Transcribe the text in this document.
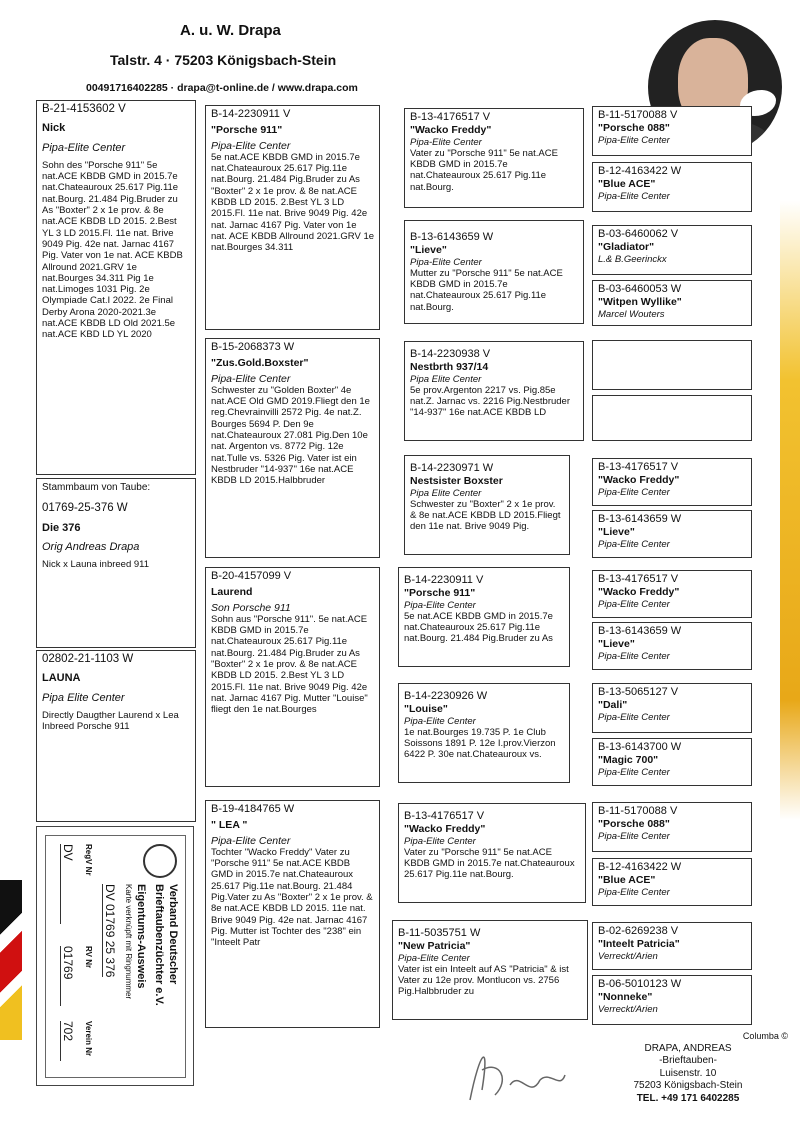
A. u. W. Drapa
Talstr. 4 · 75203 Königsbach-Stein
00491716402285 · drapa@t-online.de / www.drapa.com
B-21-4153602 V
Nick
Pipa-Elite Center
Sohn des "Porsche 911" 5e nat.ACE KBDB GMD in 2015.7e nat.Chateauroux 25.617 Pig.11e nat.Bourg. 21.484 Pig.Bruder zu As "Boxter" 2 x 1e prov. & 8e nat.ACE KBDB LD 2015. 2.Best YL 3 LD 2015.Fl. 11e nat. Brive 9049 Pig. 42e nat. Jarnac 4167 Pig. Vater von 1e nat. ACE KBDB Allround 2021.GRV 1e nat.Bourges 34.311 Pig 1e nat.Limoges 1031 Pig. 2e Olympiade Cat.I 2022. 2e Final Derby Arona 2020-2021.3e nat.ACE KBDB LD Old 2021.5e nat.ACE KBD LD YL 2020
Stammbaum von Taube:
01769-25-376 W
Die 376
Orig Andreas Drapa
Nick x Launa inbreed 911
02802-21-1103 W
LAUNA
Pipa Elite Center
Directly Daugther Laurend x Lea Inbreed Porsche 911
B-14-2230911 V
"Porsche 911"
Pipa-Elite Center
5e nat.ACE KBDB GMD in 2015.7e nat.Chateauroux 25.617 Pig.11e nat.Bourg. 21.484 Pig.Bruder zu As "Boxter" 2 x 1e prov. & 8e nat.ACE KBDB LD 2015. 2.Best YL 3 LD 2015.Fl. 11e nat. Brive 9049 Pig. 42e nat. Jarnac 4167 Pig. Vater von 1e nat. ACE KBDB Allround 2021.GRV 1e nat.Bourges 34.311
B-15-2068373 W
"Zus.Gold.Boxster"
Pipa-Elite Center
Schwester zu "Golden Boxter" 4e nat.ACE Old GMD 2019.Fliegt den 1e reg.Chevrainvilli 2572 Pig. 4e nat.Z. Bourges 5694 P. Den 9e nat.Chateauroux 27.081 Pig.Den 10e nat. Argenton vs. 8772 Pig. 12e nat.Tulle vs. 5326 Pig. Vater ist ein Nestbruder "14-937" 16e nat.ACE KBDB LD 2015.Halbbruder
B-20-4157099 V
Laurend
Son Porsche 911
Sohn aus "Porsche 911". 5e nat.ACE KBDB GMD in 2015.7e nat.Chateauroux 25.617 Pig.11e nat.Bourg. 21.484 Pig.Bruder zu As "Boxter" 2 x 1e prov. & 8e nat.ACE KBDB LD 2015. 2.Best YL 3 LD 2015.Fl. 11e nat. Brive 9049 Pig. 42e nat. Jarnac 4167 Pig. Mutter "Louise" fliegt den 1e nat.Bourges
B-19-4184765 W
" LEA "
Pipa-Elite Center
Tochter "Wacko Freddy" Vater zu "Porsche 911" 5e nat.ACE KBDB GMD in 2015.7e nat.Chateauroux 25.617 Pig.11e nat.Bourg. 21.484 Pig.Vater zu As "Boxter" 2 x 1e prov. & 8e nat.ACE KBDB LD 2015. 11e nat. Brive 9049 Pig. 42e nat. Jarnac 4167 Pig. Mutter ist Tochter des "238" ein "Inteelt Patr
B-13-4176517 V
"Wacko Freddy"
Pipa-Elite Center
Vater zu "Porsche 911" 5e nat.ACE KBDB GMD in 2015.7e nat.Chateauroux 25.617 Pig.11e nat.Bourg.
B-13-6143659 W
"Lieve"
Pipa-Elite Center
Mutter zu "Porsche 911" 5e nat.ACE KBDB GMD in 2015.7e nat.Chateauroux 25.617 Pig.11e nat.Bourg.
B-14-2230938 V
Nestbrth 937/14
Pipa Elite Center
5e prov.Argenton 2217 vs. Pig.85e nat.Z. Jarnac vs. 2216 Pig.Nestbruder "14-937" 16e nat.ACE KBDB LD
B-14-2230971 W
Nestsister Boxster
Pipa Elite Center
Schwester zu "Boxter" 2 x 1e prov. & 8e nat.ACE KBDB LD 2015.Fliegt den 11e nat. Brive 9049 Pig.
B-14-2230911 V
"Porsche 911"
Pipa-Elite Center
5e nat.ACE KBDB GMD in 2015.7e nat.Chateauroux 25.617 Pig.11e nat.Bourg. 21.484 Pig.Bruder zu As
B-14-2230926 W
"Louise"
Pipa-Elite Center
1e nat.Bourges 19.735 P. 1e Club Soissons 1891 P. 12e I.prov.Vierzon 6422 P. 30e nat.Chateauroux vs.
B-13-4176517 V
"Wacko Freddy"
Pipa-Elite Center
Vater zu "Porsche 911" 5e nat.ACE KBDB GMD in 2015.7e nat.Chateauroux 25.617 Pig.11e nat.Bourg.
B-11-5035751 W
"New Patricia"
Pipa-Elite Center
Vater ist ein Inteelt auf AS "Patricia" & ist Vater zu 12e prov. Montlucon vs. 2756 Pig.Halbbruder zu
B-11-5170088 V
"Porsche 088"
Pipa-Elite Center
B-12-4163422 W
"Blue ACE"
Pipa-Elite Center
B-03-6460062 V
"Gladiator"
L.& B.Geerinckx
B-03-6460053 W
"Witpen Wyllike"
Marcel Wouters
B-13-4176517 V
"Wacko Freddy"
Pipa-Elite Center
B-13-6143659 W
"Lieve"
Pipa-Elite Center
B-13-4176517 V
"Wacko Freddy"
Pipa-Elite Center
B-13-6143659 W
"Lieve"
Pipa-Elite Center
B-13-5065127 V
"Dali"
Pipa-Elite Center
B-13-6143700 W
"Magic 700"
Pipa-Elite Center
B-11-5170088 V
"Porsche 088"
Pipa-Elite Center
B-12-4163422 W
"Blue ACE"
Pipa-Elite Center
B-02-6269238 V
"Inteelt Patricia"
Verreckt/Arien
B-06-5010123 W
"Nonneke"
Verreckt/Arien
Verband Deutscher
Brieftaubenzüchter e.V.
Eigentums-Ausweis
Karte verknüpft mit Ringnummer
DV 01769 25 376
RegV Nr
RV Nr
Verein Nr
DV
01769
702	Columba ©
DRAPA, ANDREAS
-Brieftauben-
Luisenstr. 10
75203 Königsbach-Stein
TEL. +49 171 6402285
